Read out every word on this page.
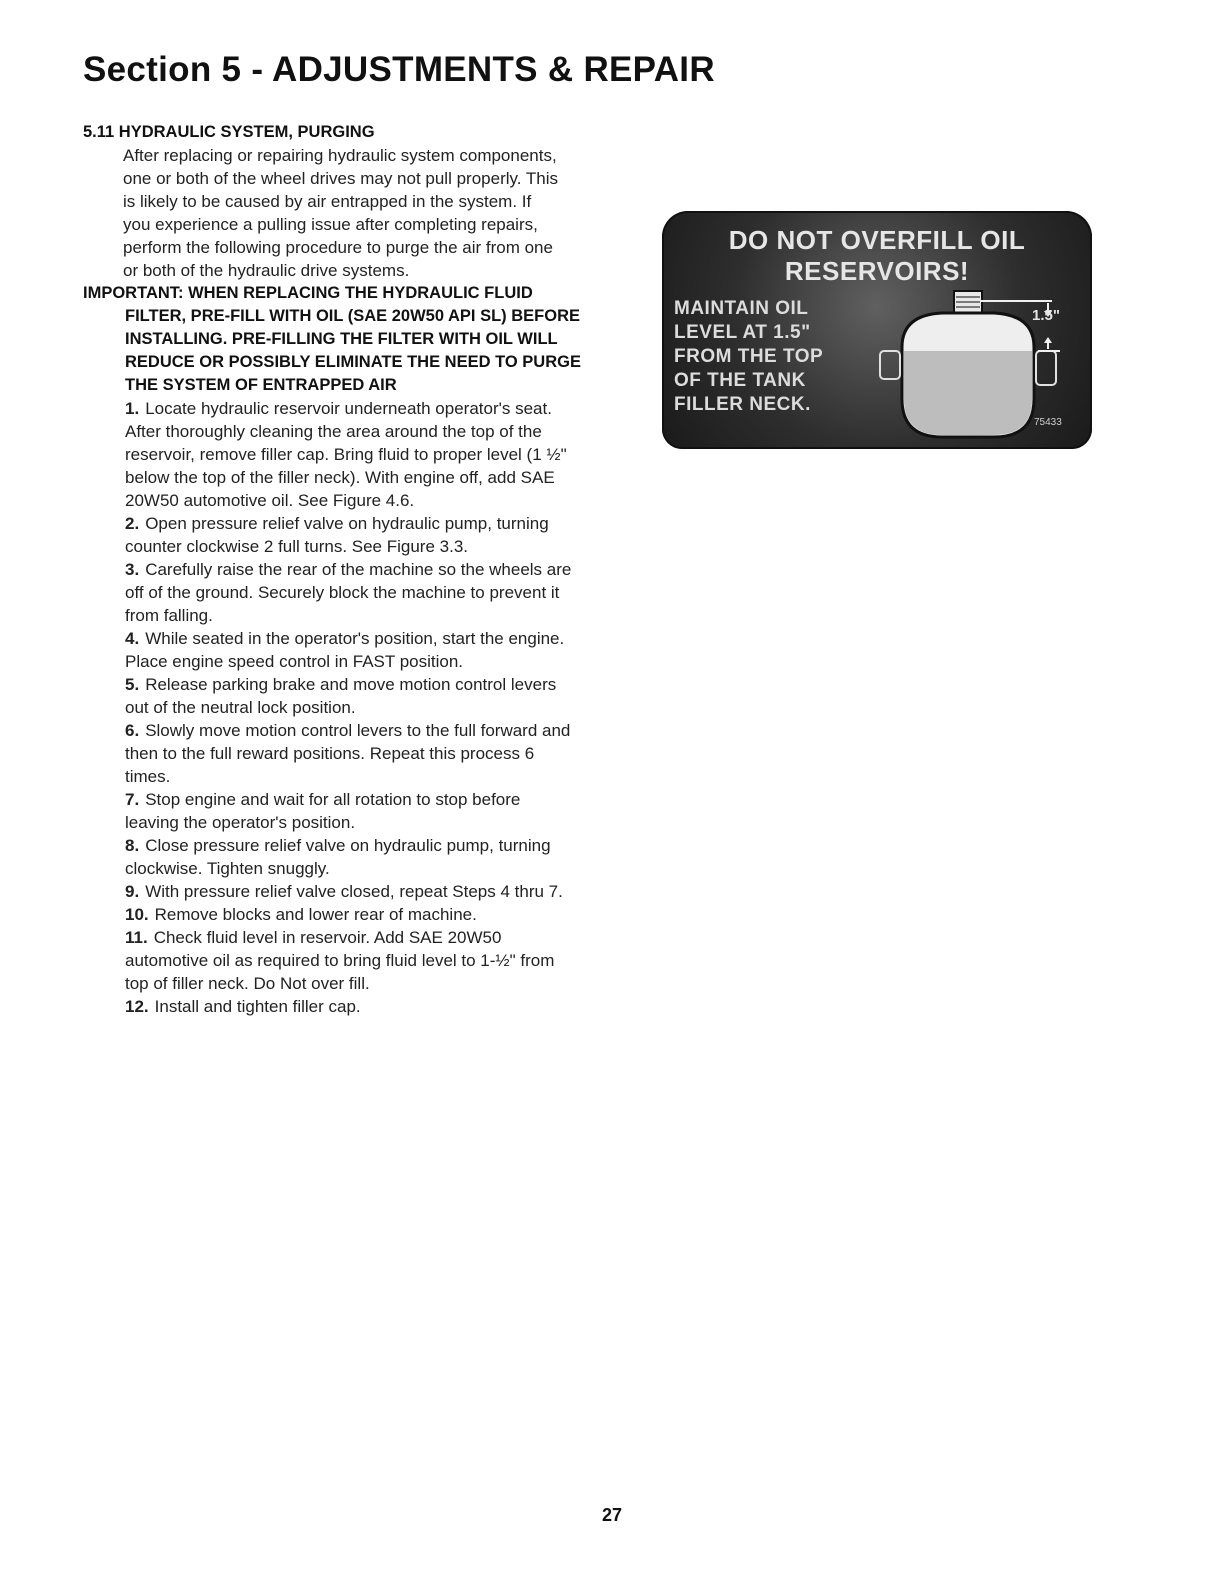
Section 5 - ADJUSTMENTS & REPAIR
5.11 HYDRAULIC SYSTEM, PURGING

After replacing or repairing hydraulic system components, one or both of the wheel drives may not pull properly. This is likely to be caused by air entrapped in the system. If you experience a pulling issue after completing repairs, perform the following procedure to purge the air from one or both of the hydraulic drive systems.

IMPORTANT: WHEN REPLACING THE HYDRAULIC FLUID FILTER, PRE-FILL WITH OIL (SAE 20W50 API SL) BEFORE INSTALLING. PRE-FILLING THE FILTER WITH OIL WILL REDUCE OR POSSIBLY ELIMINATE THE NEED TO PURGE THE SYSTEM OF ENTRAPPED AIR

1. Locate hydraulic reservoir underneath operator's seat. After thoroughly cleaning the area around the top of the reservoir, remove filler cap. Bring fluid to proper level (1 ½" below the top of the filler neck). With engine off, add SAE 20W50 automotive oil. See Figure 4.6.
2. Open pressure relief valve on hydraulic pump, turning counter clockwise 2 full turns. See Figure 3.3.
3. Carefully raise the rear of the machine so the wheels are off of the ground. Securely block the machine to prevent it from falling.
4. While seated in the operator's position, start the engine. Place engine speed control in FAST position.
5. Release parking brake and move motion control levers out of the neutral lock position.
6. Slowly move motion control levers to the full forward and then to the full reward positions. Repeat this process 6 times.
7. Stop engine and wait for all rotation to stop before leaving the operator's position.
8. Close pressure relief valve on hydraulic pump, turning clockwise. Tighten snuggly.
9. With pressure relief valve closed, repeat Steps 4 thru 7.
10. Remove blocks and lower rear of machine.
11. Check fluid level in reservoir. Add SAE 20W50 automotive oil as required to bring fluid level to 1-½" from top of filler neck. Do Not over fill.
12. Install and tighten filler cap.
DO NOT OVERFILL OIL
RESERVOIRS!
MAINTAIN OIL
LEVEL AT 1.5"
FROM THE TOP
OF THE TANK
FILLER NECK.
1.5"
75433
27
